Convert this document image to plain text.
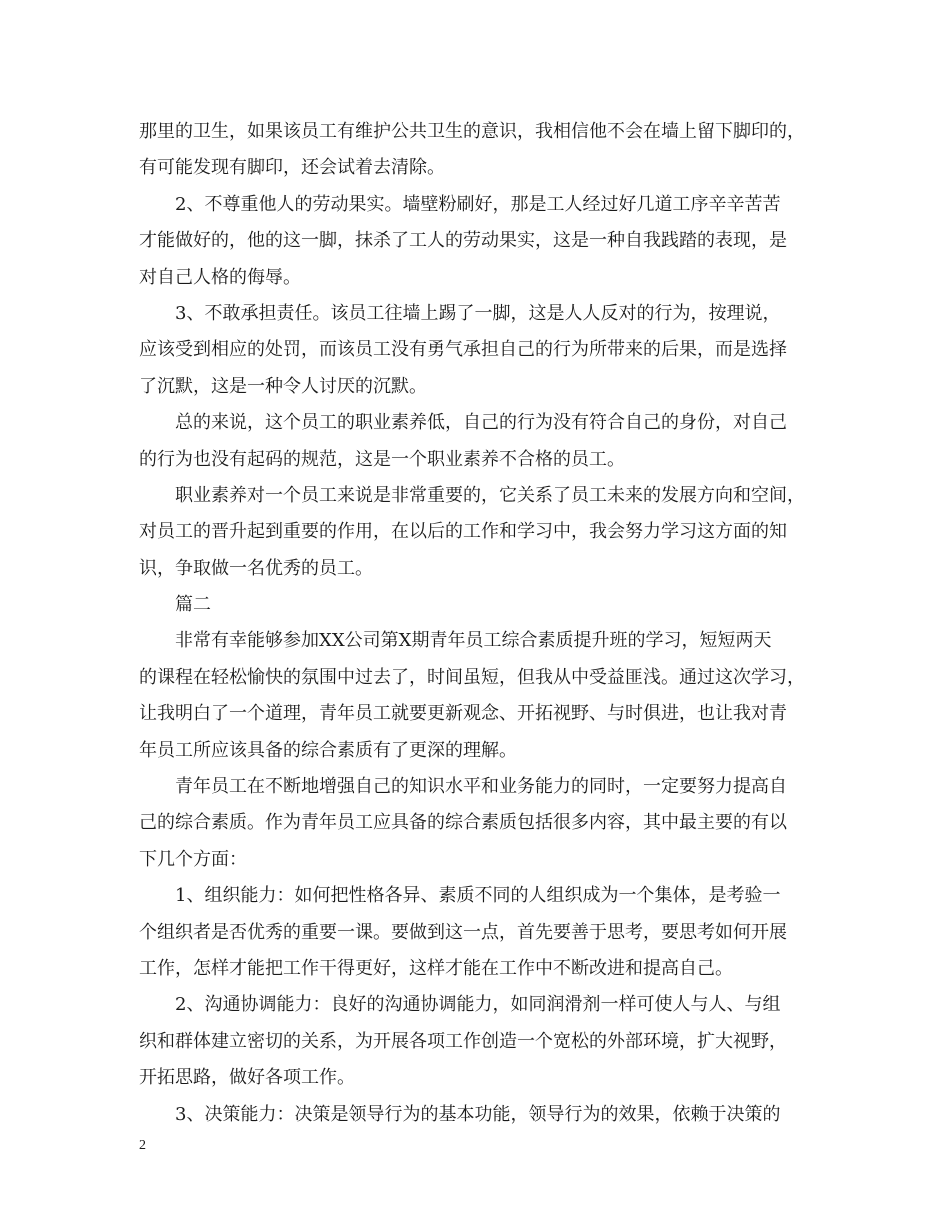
那里的卫生，如果该员工有维护公共卫生的意识，我相信他不会在墙上留下脚印的，
有可能发现有脚印，还会试着去清除。
2、不尊重他人的劳动果实。墙壁粉刷好，那是工人经过好几道工序辛辛苦苦
才能做好的，他的这一脚，抹杀了工人的劳动果实，这是一种自我践踏的表现，是
对自己人格的侮辱。
3、不敢承担责任。该员工往墙上踢了一脚，这是人人反对的行为，按理说，
应该受到相应的处罚，而该员工没有勇气承担自己的行为所带来的后果，而是选择
了沉默，这是一种令人讨厌的沉默。
总的来说，这个员工的职业素养低，自己的行为没有符合自己的身份，对自己
的行为也没有起码的规范，这是一个职业素养不合格的员工。
职业素养对一个员工来说是非常重要的，它关系了员工未来的发展方向和空间，
对员工的晋升起到重要的作用，在以后的工作和学习中，我会努力学习这方面的知
识，争取做一名优秀的员工。
篇二
非常有幸能够参加XX公司第X期青年员工综合素质提升班的学习，短短两天
的课程在轻松愉快的氛围中过去了，时间虽短，但我从中受益匪浅。通过这次学习，
让我明白了一个道理，青年员工就要更新观念、开拓视野、与时俱进，也让我对青
年员工所应该具备的综合素质有了更深的理解。
青年员工在不断地增强自己的知识水平和业务能力的同时，一定要努力提高自
己的综合素质。作为青年员工应具备的综合素质包括很多内容，其中最主要的有以
下几个方面：
1、组织能力：如何把性格各异、素质不同的人组织成为一个集体，是考验一
个组织者是否优秀的重要一课。要做到这一点，首先要善于思考，要思考如何开展
工作，怎样才能把工作干得更好，这样才能在工作中不断改进和提高自己。
2、沟通协调能力：良好的沟通协调能力，如同润滑剂一样可使人与人、与组
织和群体建立密切的关系，为开展各项工作创造一个宽松的外部环境，扩大视野，
开拓思路，做好各项工作。
3、决策能力：决策是领导行为的基本功能，领导行为的效果，依赖于决策的
2
